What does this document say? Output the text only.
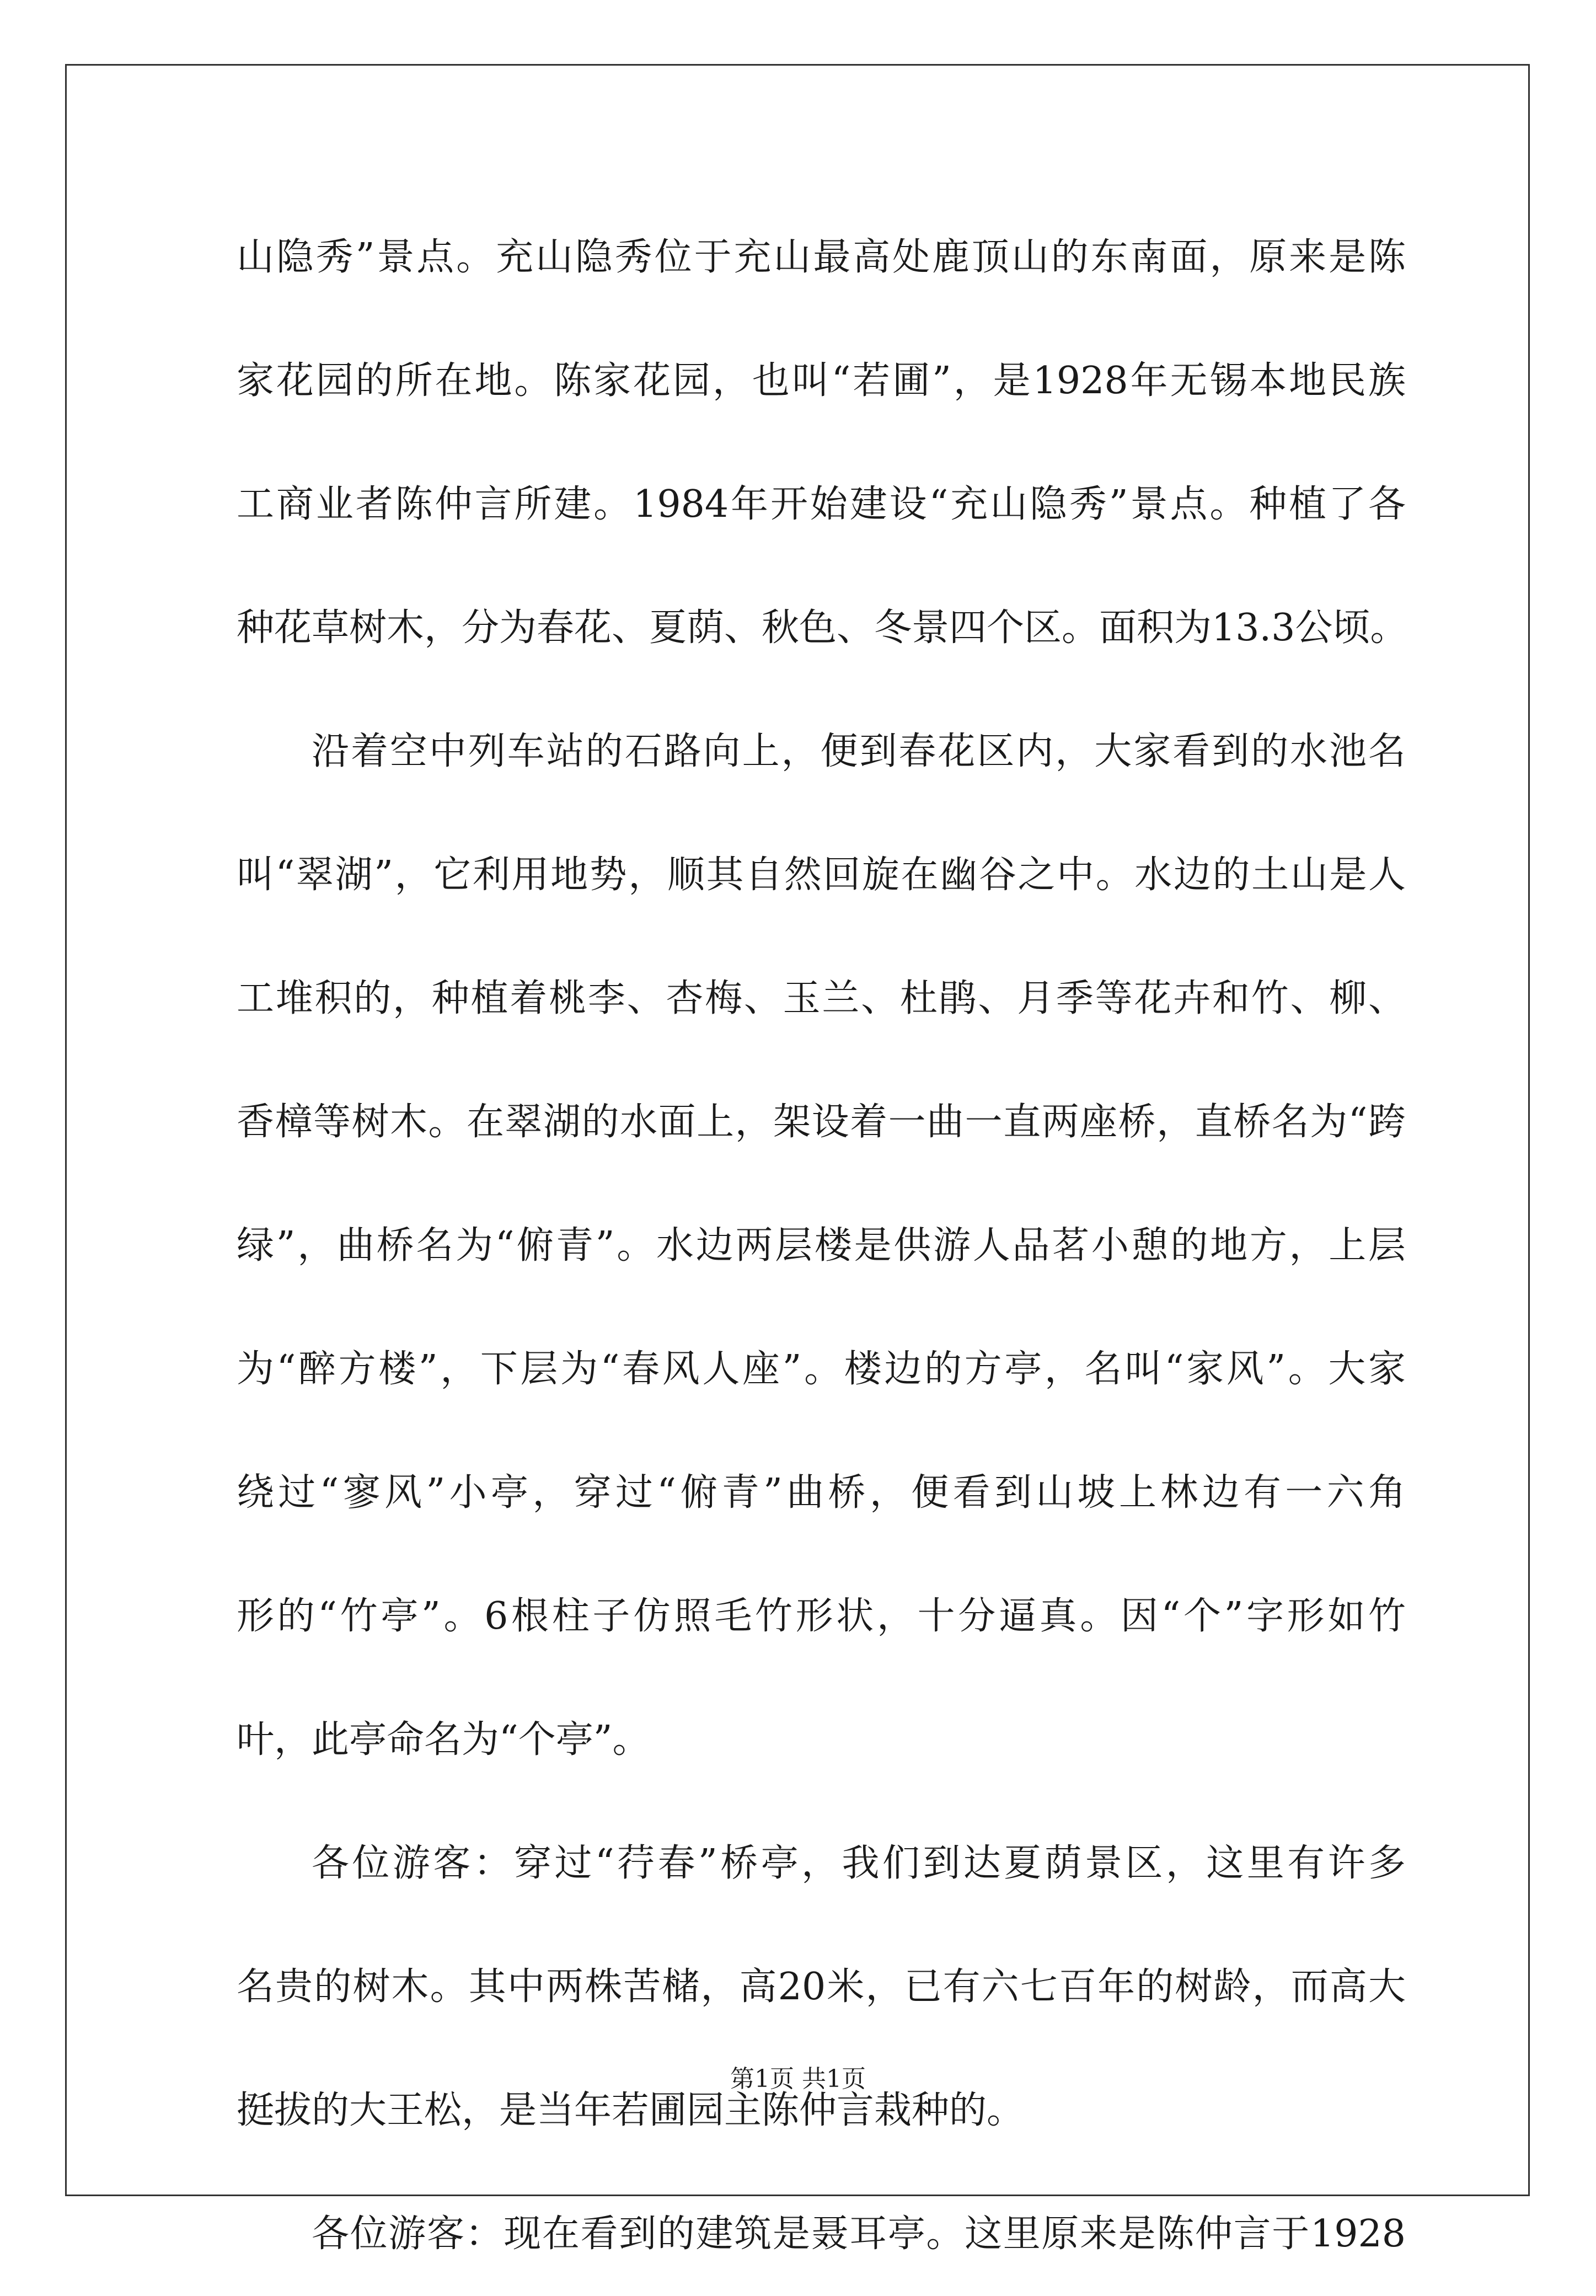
山隐秀”景点。充山隐秀位于充山最高处鹿顶山的东南面，原来是陈
家花园的所在地。陈家花园，也叫“若圃”，是1928年无锡本地民族
工商业者陈仲言所建。1984年开始建设“充山隐秀”景点。种植了各
种花草树木，分为春花、夏荫、秋色、冬景四个区。面积为13.3公顷。
沿着空中列车站的石路向上，便到春花区内，大家看到的水池名
叫“翠湖”，它利用地势，顺其自然回旋在幽谷之中。水边的土山是人
工堆积的，种植着桃李、杏梅、玉兰、杜鹃、月季等花卉和竹、柳、
香樟等树木。在翠湖的水面上，架设着一曲一直两座桥，直桥名为“跨
绿”，曲桥名为“俯青”。水边两层楼是供游人品茗小憩的地方，上层
为“醉方楼”，下层为“春风人座”。楼边的方亭，名叫“家风”。大家
绕过“寥风”小亭，穿过“俯青”曲桥，便看到山坡上林边有一六角
形的“竹亭”。6根柱子仿照毛竹形状，十分逼真。因“个”字形如竹
叶，此亭命名为“个亭”。
各位游客：穿过“荇春”桥亭，我们到达夏荫景区，这里有许多
名贵的树木。其中两株苦槠，高20米，已有六七百年的树龄，而高大
挺拔的大王松，是当年若圃园主陈仲言栽种的。
各位游客：现在看到的建筑是聂耳亭。这里原来是陈仲言于1928
第1页 共1页
